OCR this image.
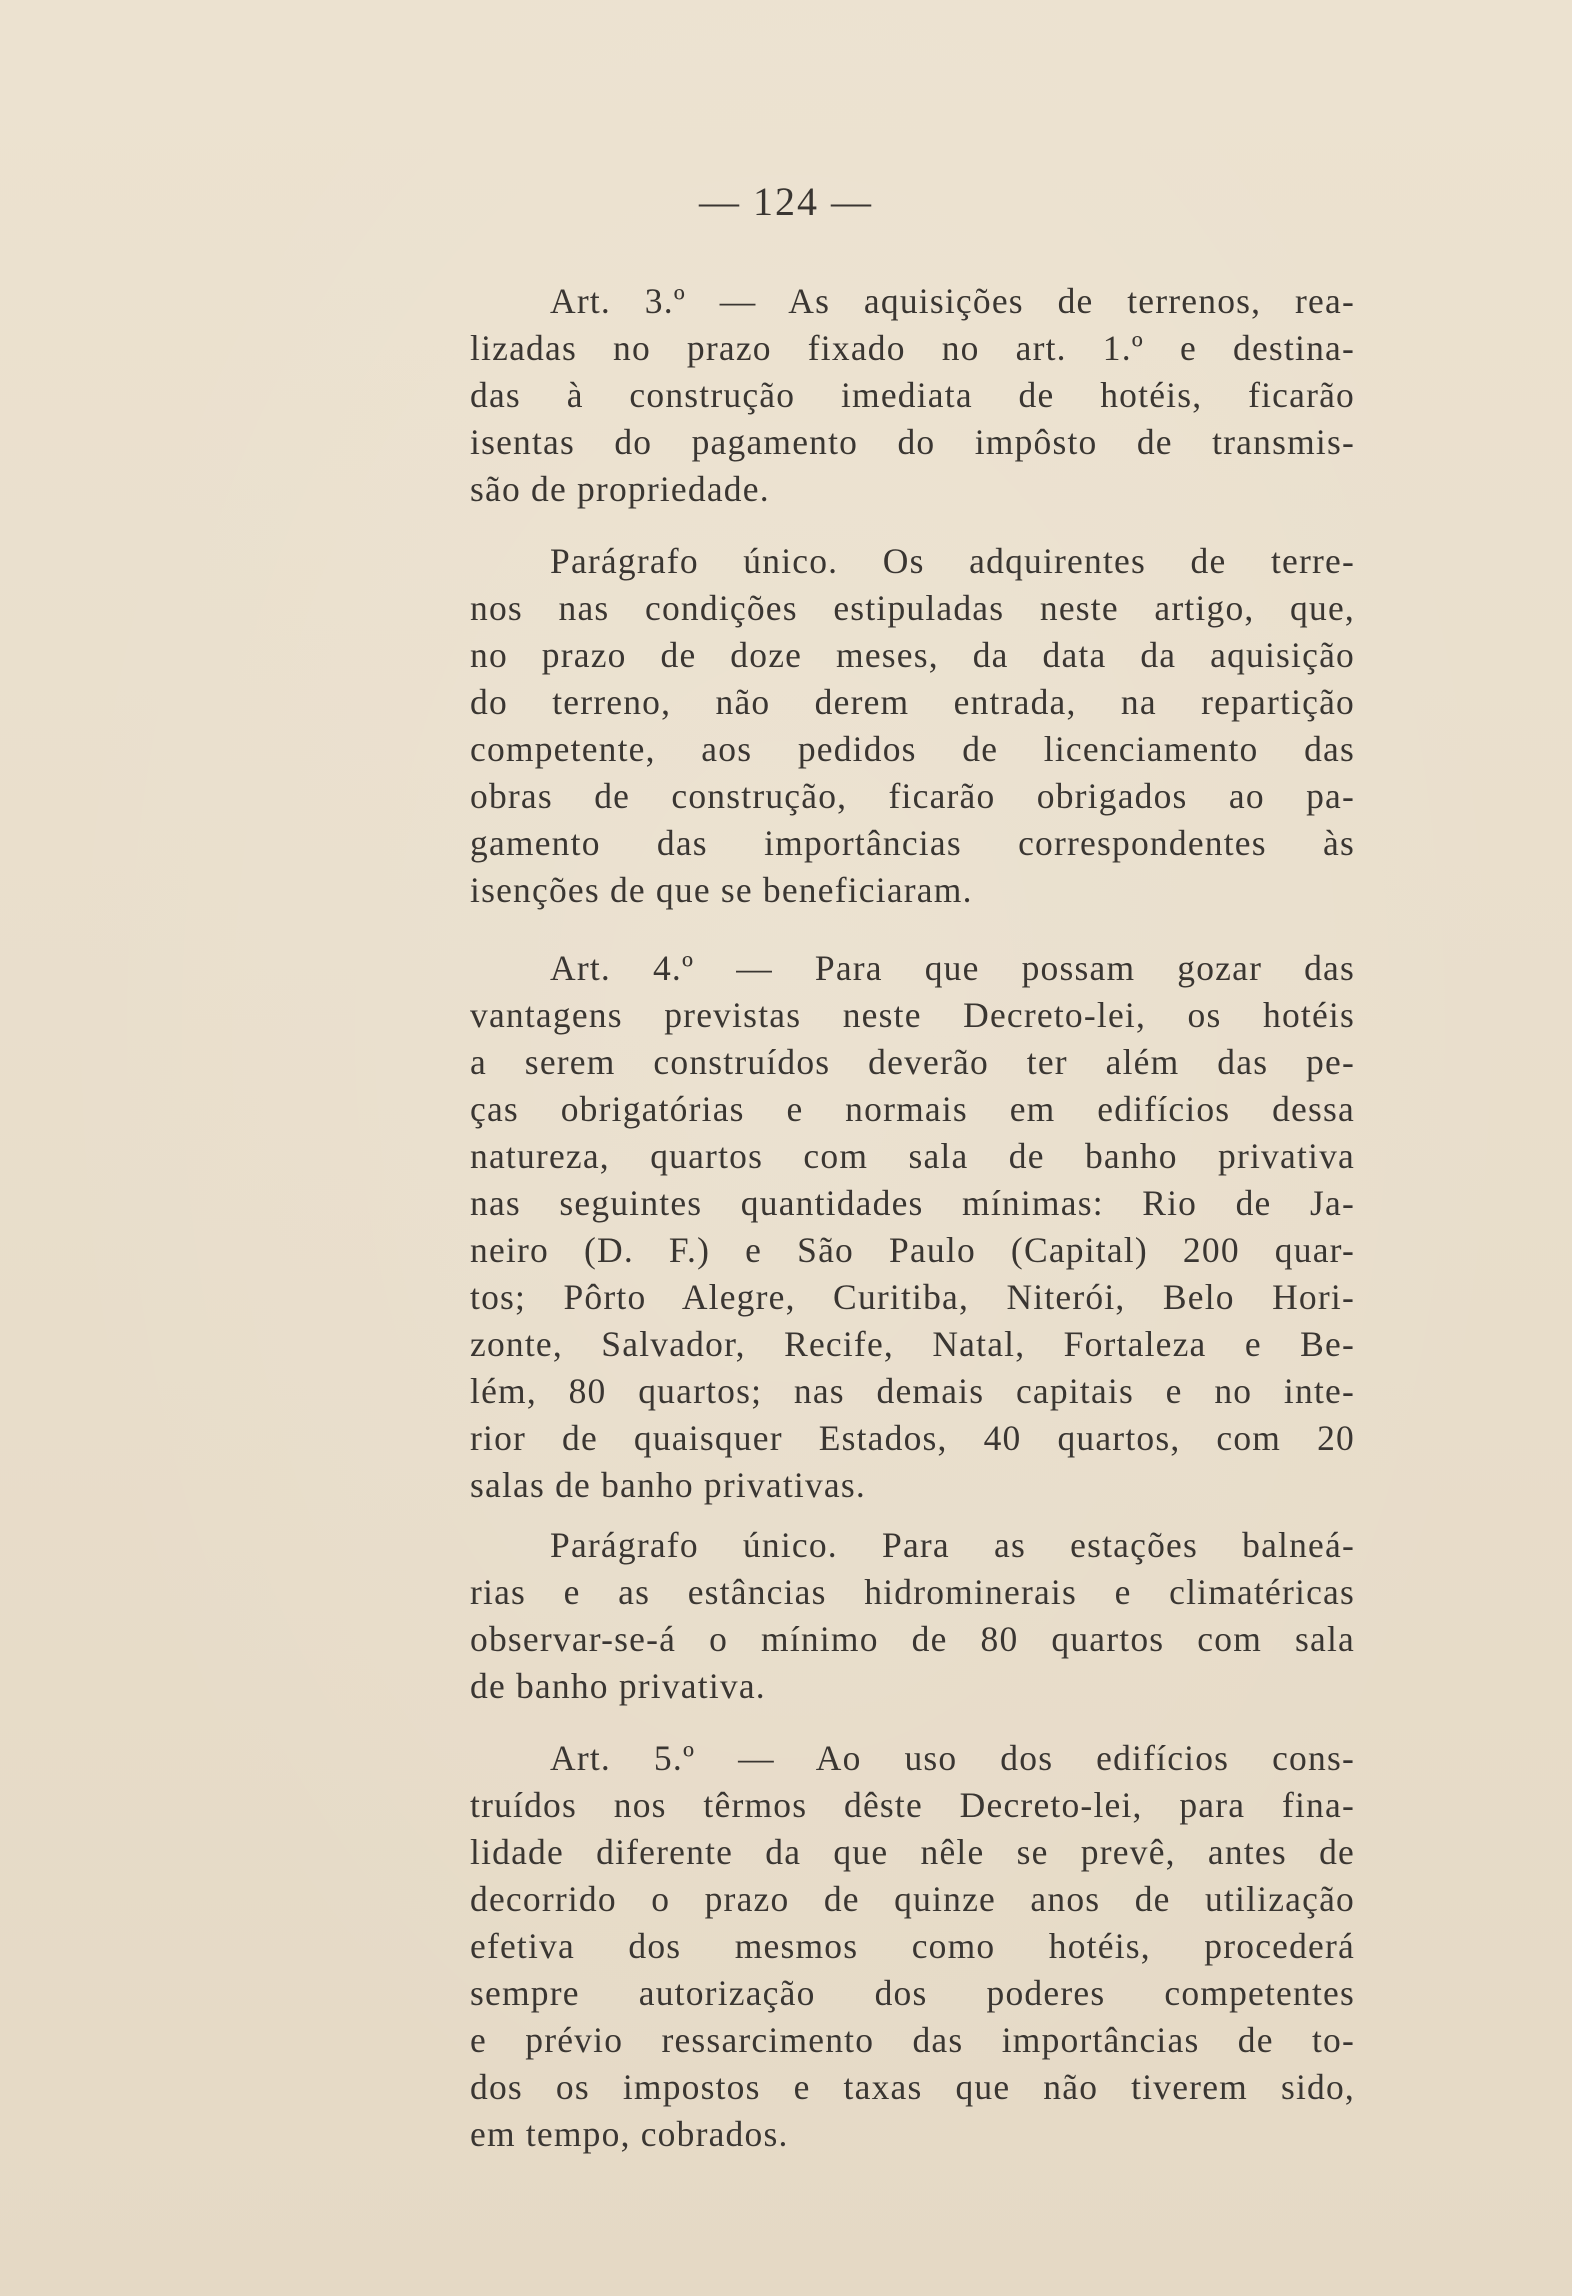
— 124 —
Art. 3.º — As aquisições de terrenos, rea-
lizadas no prazo fixado no art. 1.º e destina-
das à construção imediata de hotéis, ficarão
isentas do pagamento do impôsto de transmis-
são de propriedade.
Parágrafo único. Os adquirentes de terre-
nos nas condições estipuladas neste artigo, que,
no prazo de doze meses, da data da aquisição
do terreno, não derem entrada, na repartição
competente, aos pedidos de licenciamento das
obras de construção, ficarão obrigados ao pa-
gamento das importâncias correspondentes às
isenções de que se beneficiaram.
Art. 4.º — Para que possam gozar das
vantagens previstas neste Decreto-lei, os hotéis
a serem construídos deverão ter além das pe-
ças obrigatórias e normais em edifícios dessa
natureza, quartos com sala de banho privativa
nas seguintes quantidades mínimas: Rio de Ja-
neiro (D. F.) e São Paulo (Capital) 200 quar-
tos; Pôrto Alegre, Curitiba, Niterói, Belo Hori-
zonte, Salvador, Recife, Natal, Fortaleza e Be-
lém, 80 quartos; nas demais capitais e no inte-
rior de quaisquer Estados, 40 quartos, com 20
salas de banho privativas.
Parágrafo único. Para as estações balneá-
rias e as estâncias hidrominerais e climatéricas
observar-se-á o mínimo de 80 quartos com sala
de banho privativa.
Art. 5.º — Ao uso dos edifícios cons-
truídos nos têrmos dêste Decreto-lei, para fina-
lidade diferente da que nêle se prevê, antes de
decorrido o prazo de quinze anos de utilização
efetiva dos mesmos como hotéis, procederá
sempre autorização dos poderes competentes
e prévio ressarcimento das importâncias de to-
dos os impostos e taxas que não tiverem sido,
em tempo, cobrados.
